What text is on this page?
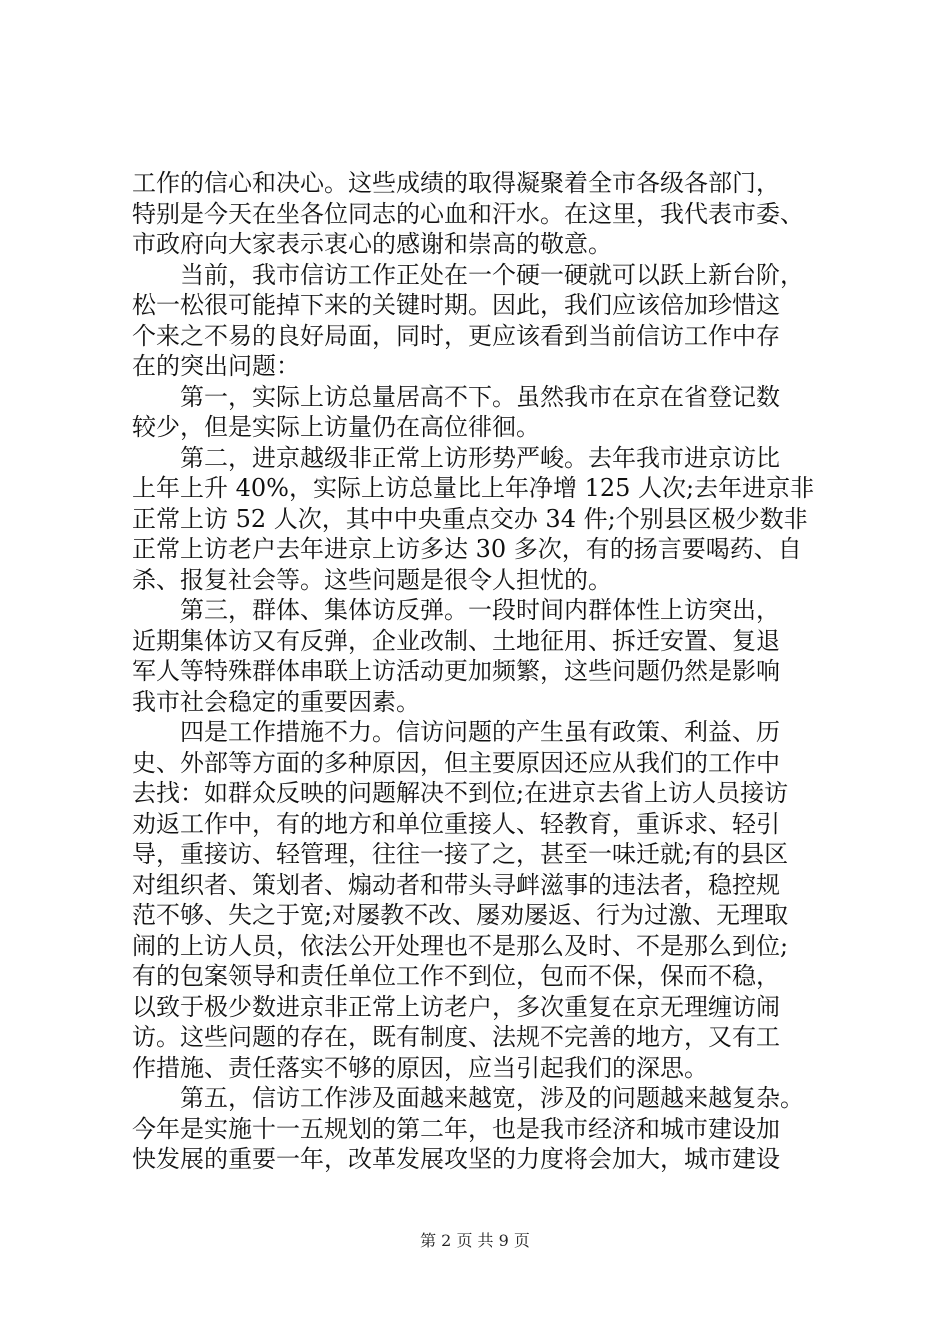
工作的信心和决心。这些成绩的取得凝聚着全市各级各部门，
特别是今天在坐各位同志的心血和汗水。在这里，我代表市委、
市政府向大家表示衷心的感谢和崇高的敬意。
　　当前，我市信访工作正处在一个硬一硬就可以跃上新台阶，
松一松很可能掉下来的关键时期。因此，我们应该倍加珍惜这
个来之不易的良好局面，同时，更应该看到当前信访工作中存
在的突出问题：
　　第一，实际上访总量居高不下。虽然我市在京在省登记数
较少，但是实际上访量仍在高位徘徊。
　　第二，进京越级非正常上访形势严峻。去年我市进京访比
上年上升 40%，实际上访总量比上年净增 125 人次;去年进京非
正常上访 52 人次，其中中央重点交办 34 件;个别县区极少数非
正常上访老户去年进京上访多达 30 多次，有的扬言要喝药、自
杀、报复社会等。这些问题是很令人担忧的。
　　第三，群体、集体访反弹。一段时间内群体性上访突出，
近期集体访又有反弹，企业改制、土地征用、拆迁安置、复退
军人等特殊群体串联上访活动更加频繁，这些问题仍然是影响
我市社会稳定的重要因素。
　　四是工作措施不力。信访问题的产生虽有政策、利益、历
史、外部等方面的多种原因，但主要原因还应从我们的工作中
去找：如群众反映的问题解决不到位;在进京去省上访人员接访
劝返工作中，有的地方和单位重接人、轻教育，重诉求、轻引
导，重接访、轻管理，往往一接了之，甚至一味迁就;有的县区
对组织者、策划者、煽动者和带头寻衅滋事的违法者，稳控规
范不够、失之于宽;对屡教不改、屡劝屡返、行为过激、无理取
闹的上访人员，依法公开处理也不是那么及时、不是那么到位;
有的包案领导和责任单位工作不到位，包而不保，保而不稳，
以致于极少数进京非正常上访老户，多次重复在京无理缠访闹
访。这些问题的存在，既有制度、法规不完善的地方，又有工
作措施、责任落实不够的原因，应当引起我们的深思。
　　第五，信访工作涉及面越来越宽，涉及的问题越来越复杂。
今年是实施十一五规划的第二年，也是我市经济和城市建设加
快发展的重要一年，改革发展攻坚的力度将会加大，城市建设
第 2 页 共 9 页
